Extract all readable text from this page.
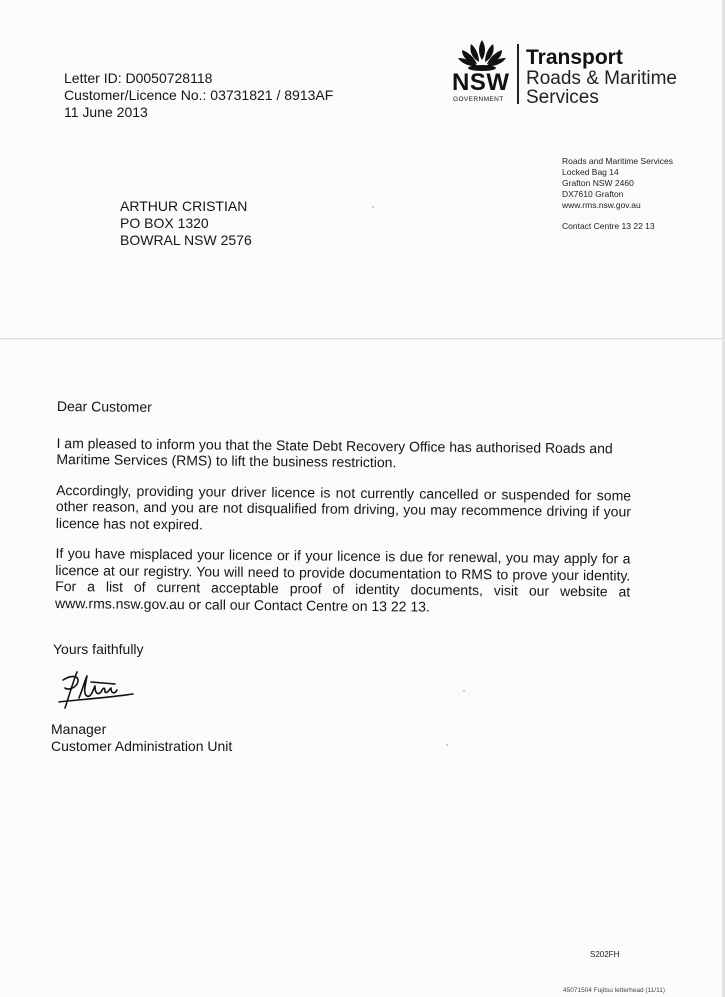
Letter ID: D0050728118
Customer/Licence No.: 03731821 / 8913AF
11 June 2013
NSW
GOVERNMENT
Transport
Roads & Maritime
Services
Roads and Maritime Services
Locked Bag 14
Grafton NSW 2460
DX7610 Grafton
www.rms.nsw.gov.au
Contact Centre 13 22 13
ARTHUR CRISTIAN
PO BOX 1320
BOWRAL NSW 2576

Dear Customer

I am pleased to inform you that the State Debt Recovery Office has authorised Roads and Maritime Services (RMS) to lift the business restriction.

Accordingly, providing your driver licence is not currently cancelled or suspended for some other reason, and you are not disqualified from driving, you may recommence driving if your licence has not expired.

If you have misplaced your licence or if your licence is due for renewal, you may apply for a licence at our registry. You will need to provide documentation to RMS to prove your identity. For a list of current acceptable proof of identity documents, visit our website at www.rms.nsw.gov.au or call our Contact Centre on 13 22 13.

Yours faithfully
Manager
Customer Administration Unit
S202FH
45071504 Fujitsu letterhead (11/11)
